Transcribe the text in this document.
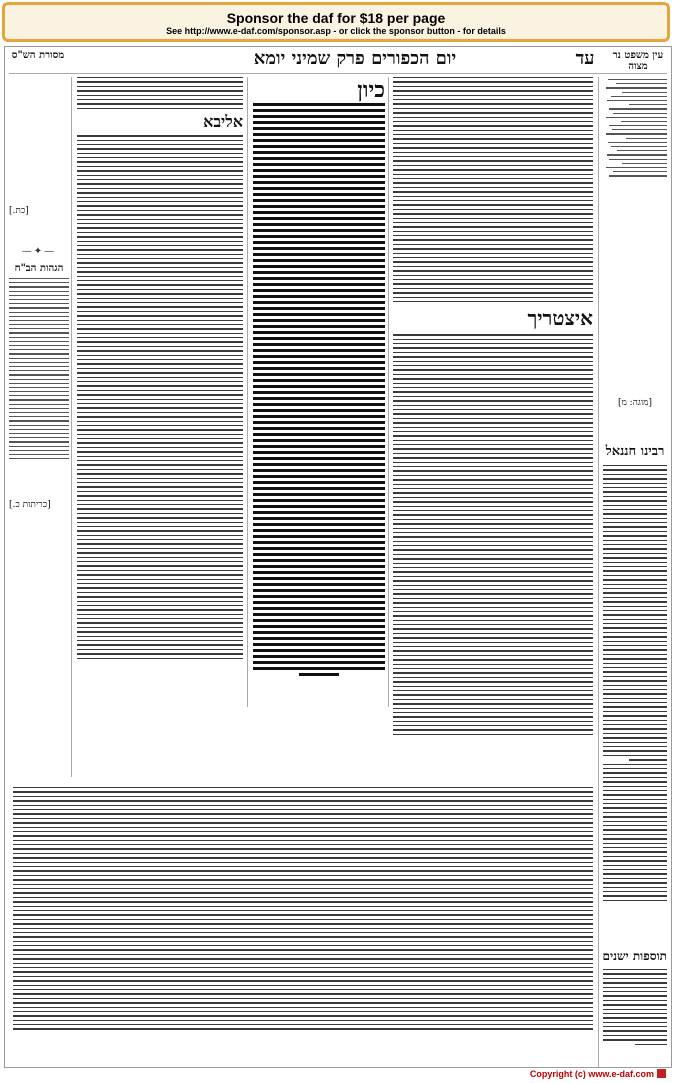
Sponsor the daf for $18 per page
See http://www.e-daf.com/sponsor.asp - or click the sponsor button - for details
עד
יום הכפורים פרק שמיני יומא	עין משפט נר מצוה
מסורת הש"ס
[מוגה: מ]
רבינו חננאל
תוספות ישנים
איצטריך
כיון
אליבא
[כת.]
—✦—
הגהות הב"ח
[כריתות כ.]
Copyright (c) www.e-daf.com
